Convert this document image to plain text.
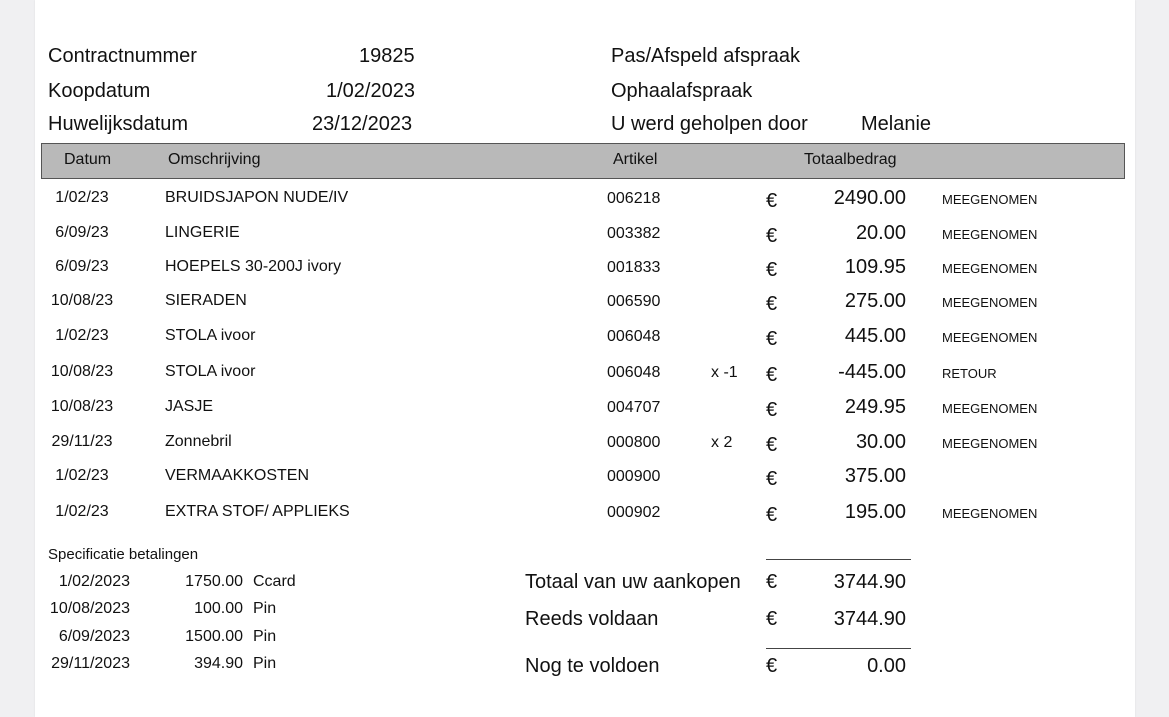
Contractnummer	19825
Koopdatum	1/02/2023
Huwelijksdatum	23/12/2023
Pas/Afspeld afspraak
Ophaalafspraak
U werd geholpen door	Melanie
Datum	Omschrijving	Artikel	Totaalbedrag
1/02/23	BRUIDSJAPON NUDE/IV	006218	€	2490.00	MEEGENOMEN
6/09/23	LINGERIE	003382	€	20.00	MEEGENOMEN
6/09/23	HOEPELS 30-200J ivory	001833	€	109.95	MEEGENOMEN
10/08/23	SIERADEN	006590	€	275.00	MEEGENOMEN
1/02/23	STOLA ivoor	006048	€	445.00	MEEGENOMEN
10/08/23	STOLA ivoor	006048	x -1 €	-445.00	RETOUR
10/08/23	JASJE	004707	€	249.95	MEEGENOMEN
29/11/23	Zonnebril	000800	x 2 €	30.00	MEEGENOMEN
1/02/23	VERMAAKKOSTEN	000900	€	375.00
1/02/23	EXTRA STOF/ APPLIEKS	000902	€	195.00	MEEGENOMEN
Specificatie betalingen
1/02/2023	1750.00 Ccard
10/08/2023	100.00 Pin
6/09/2023	1500.00 Pin
29/11/2023	394.90 Pin
Totaal van uw aankopen €	3744.90
Reeds voldaan	€	3744.90
Nog te voldoen	€	0.00
